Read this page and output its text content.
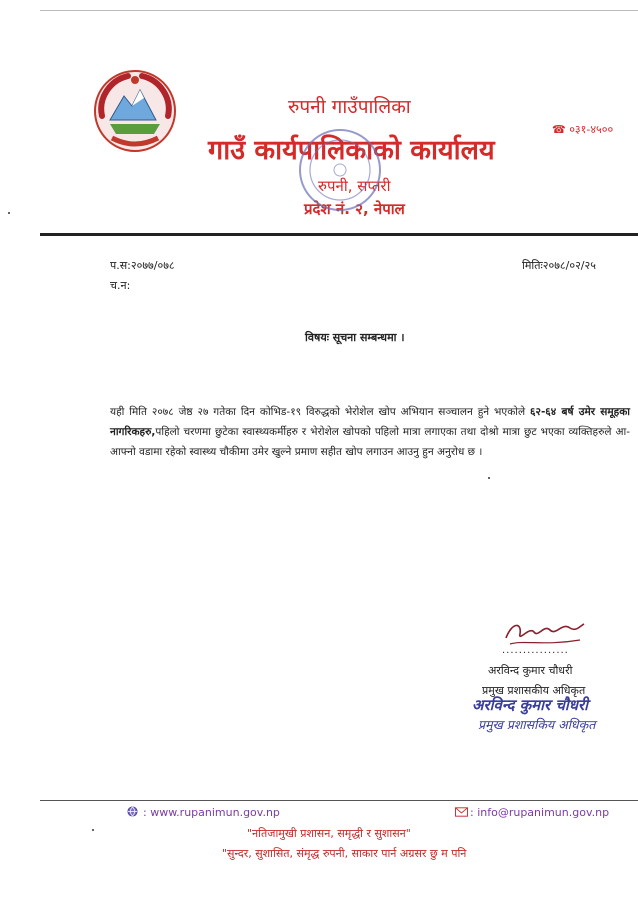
रुपनी गाउँपालिका
गाउँ कार्यपालिकाको कार्यालय
☎ ०३१-४५००
रुपनी, सप्तरी
प्रदेश नं. २, नेपाल
प.स:२०७७/०७८
च.न:
मितिः२०७८/०२/२५
विषयः सूचना सम्बन्धमा ।
यही मिति २०७८ जेष्ठ २७ गतेका दिन कोभिड-१९ विरुद्धको भेरोशेल खोप अभियान सञ्चालन हुने भएकोले ६२-६४ बर्ष उमेर समूहका नागरिकहरु,पहिलो चरणमा छुटेका स्वास्थ्यकर्मीहरु र भेरोशेल खोपको पहिलो मात्रा लगाएका तथा दोश्रो मात्रा छुट भएका व्यक्तिहरुले आ-आफ्नो वडामा रहेको स्वास्थ्य चौकीमा उमेर खुल्ने प्रमाण सहीत खोप लगाउन आउनु हुन अनुरोध छ ।
................
अरविन्द कुमार चौधरी
प्रमुख प्रशासकीय अधिकृत
अरविन्द कुमार चौधरी
प्रमुख प्रशासकिय अधिकृत
: www.rupanimun.gov.np	: info@rupanimun.gov.np
"नतिजामुखी प्रशासन, समृद्धी र सुशासन"
"सुन्दर, सुशासित, संमृद्ध रुपनी, साकार पार्न अग्रसर छु म पनि
